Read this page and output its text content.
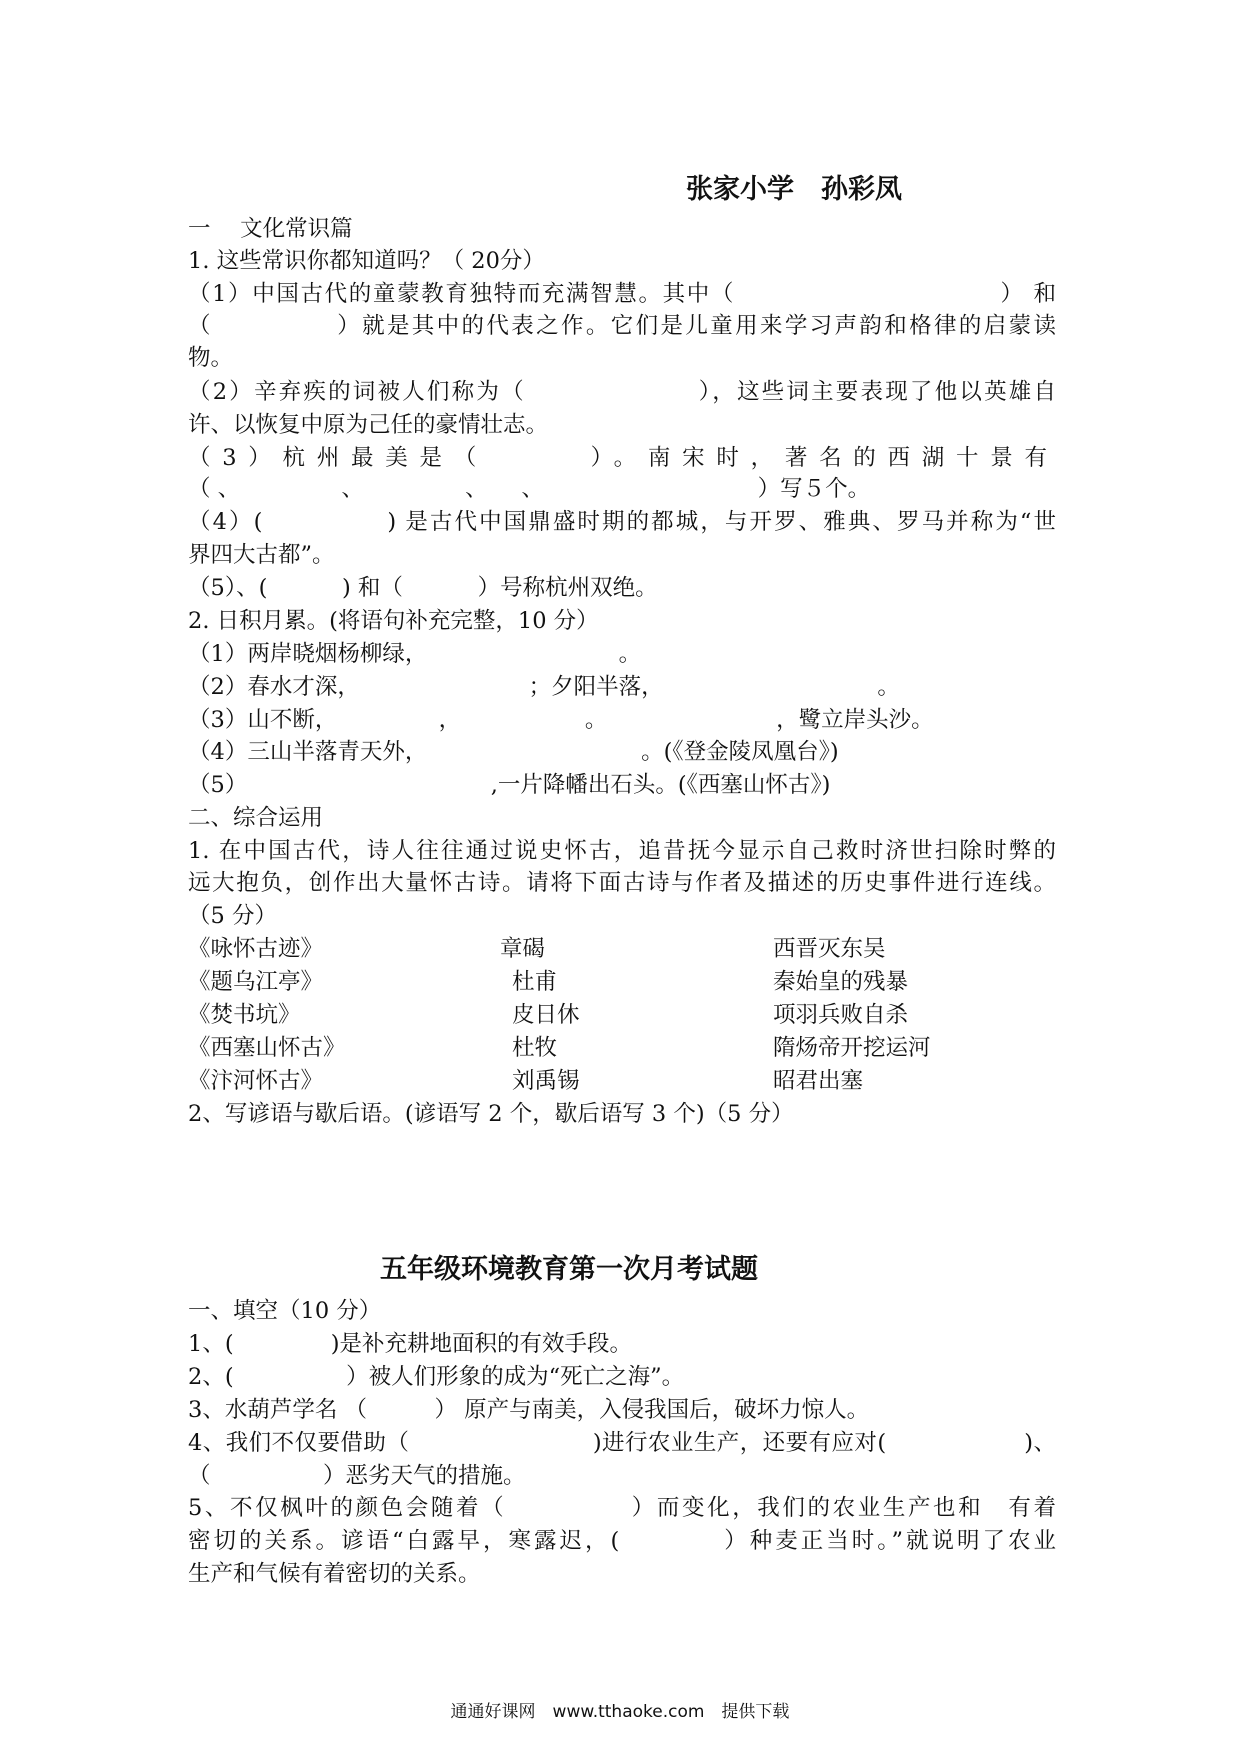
张家小学　孙彩凤
一　 文化常识篇
1. 这些常识你都知道吗？（ 20分）
（1）中国古代的童蒙教育独特而充满智慧。其中（　　　　　　　　　　　） 和
（　　　　　）就是其中的代表之作。它们是儿童用来学习声韵和格律的启蒙读
物。
（2）辛弃疾的词被人们称为（　　　　　　　），这些词主要表现了他以英雄自
许、以恢复中原为己任的豪情壮志。
（3）杭州最美是（　　　）。南宋时，著名的西湖十景有
（ 、　　　　　、　　　　　、　　、　　　　　　　　　　）写５个。
（4）(　　　　　) 是古代中国鼎盛时期的都城，与开罗、雅典、罗马并称为“世
界四大古都”。
（5）、(　　　 ) 和（　　　 ）号称杭州双绝。
2. 日积月累。(将语句补充完整，10 分）
（1）两岸晓烟杨柳绿，　　　　　　　　　。
（2）春水才深，　　　　　　　　；夕阳半落，　　　　　　　　　　。
（3）山不断，　　　　　，　　　　　　。　　　　　　　　，鹭立岸头沙。
（4）三山半落青天外，　　　　　　　　　　。(《登金陵凤凰台》)
（5）　　　　　　　　　　　 ,一片降幡出石头。(《西塞山怀古》)
二、综合运用
1. 在中国古代，诗人往往通过说史怀古，追昔抚今显示自己救时济世扫除时弊的
远大抱负，创作出大量怀古诗。请将下面古诗与作者及描述的历史事件进行连线。
（5 分）
《咏怀古迹》
《题乌江亭》
《焚书坑》
《西塞山怀古》
《汴河怀古》
章碣
杜甫
皮日休
杜牧
刘禹锡
西晋灭东吴
秦始皇的残暴
项羽兵败自杀
隋炀帝开挖运河
昭君出塞
2、写谚语与歇后语。(谚语写 2 个，歇后语写 3 个)（5 分）
五年级环境教育第一次月考试题
一、填空（10 分）
1、(　　　　 )是补充耕地面积的有效手段。
2、(　　　　　）被人们形象的成为“死亡之海”。
3、水葫芦学名 （　　　） 原产与南美，入侵我国后，破坏力惊人。
4、我们不仅要借助（　　　　　　　　)进行农业生产，还要有应对(　　　　　　)、
（　　　　　）恶劣天气的措施。
5、不仅枫叶的颜色会随着（　　　　　）而变化，我们的农业生产也和　有着
密切的关系。谚语“白露早，寒露迟，(　　　　）种麦正当时。”就说明了农业
生产和气候有着密切的关系。
通通好课网　www.tthaoke.com　提供下载
